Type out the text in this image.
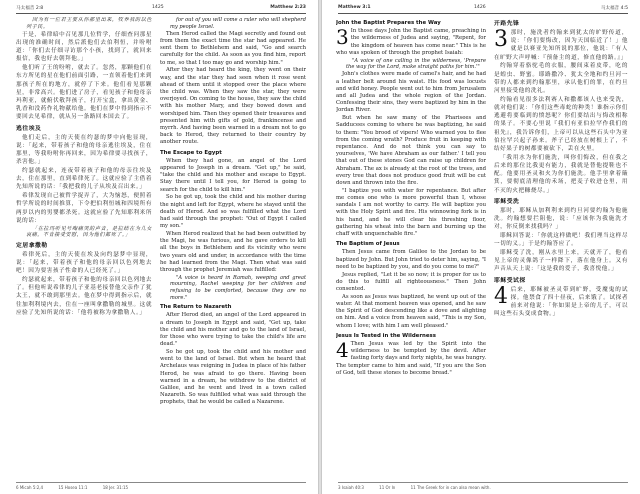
马太福音 2:8	1425	Matthew 2:23

因为有一位君王要从你那里出来，牧养我的以色列子民。

于是，希律暗中召见那几位哲学，仔细查问那星出现的准确时间，然后派他们去伯利恒，并吩咐道：「你们去仔细寻访那个小孩，找到了，就回来报信，我也好去朝拜他。」

他们听了王的吩咐，就去了。忽然，那颗他们在东方所见的星在他们前面引路，一直领着他们来到那孩子所在的地方，就停了下来。他们看见那颗星，非常高兴。他们进了房子，看见孩子和他母亲玛利亚，就俯伏敬拜孩子，打开宝盒，拿出黄金、乳香和没药作礼物献给他。他们在梦中得到指示不要回去见希律，就从另一条路回本国去了。

逃往埃及

他们走后，主的天使在约瑟的梦中向他显现，说：「起来，带着孩子和他的母亲逃往埃及，住在那里，等我吩咐你再回来，因为希律要寻找孩子，杀害他。」

约瑟就起来，连夜带着孩子和他的母亲往埃及去，住在那里，直到希律死了。这就应验了主借着先知所说的话：「我把我的儿子从埃及召出来。」

希律发现自己被哲学捉弄了，大为恼怒，便照着哲学所说的时间推算，下令把伯利恒城和四境所有两岁以内的男婴都杀死。这就应验了先知耶利米所说的话：

「在拉玛听见号啕痛哭的声音，是拉结在为儿女哀痛，不肯接受安慰，因为他们都死了。」

定居拿撒勒

希律死后，主的天使在埃及向约瑟梦中显现，说：「起来，带着孩子和他的母亲回以色列地去吧！因为要害孩子性命的人已经死了。」

约瑟就起来，带着孩子和他的母亲回以色列地去了。但他听说希律的儿子亚基老接替他父亲作了犹太王，就不敢到那里去。他在梦中得到指示后，就往加利利境内去，住在一座叫拿撒勒的城里。这就应验了先知所说的话：「他将被称为拿撒勒人。」

for out of you will come a ruler who will shepherd my people Israel.

Then Herod called the Magi secretly and found out from them the exact time the star had appeared. He sent them to Bethlehem and said, "Go and search carefully for the child. As soon as you find him, report to me, so that I too may go and worship him."

After they had heard the king, they went on their way, and the star they had seen when it rose went ahead of them until it stopped over the place where the child was. When they saw the star, they were overjoyed. On coming to the house, they saw the child with his mother Mary, and they bowed down and worshiped him. Then they opened their treasures and presented him with gifts of gold, frankincense and myrrh. And having been warned in a dream not to go back to Herod, they returned to their country by another route.

The Escape to Egypt

When they had gone, an angel of the Lord appeared to Joseph in a dream. "Get up," he said, "take the child and his mother and escape to Egypt. Stay there until I tell you, for Herod is going to search for the child to kill him."

So he got up, took the child and his mother during the night and left for Egypt, where he stayed until the death of Herod. And so was fulfilled what the Lord had said through the prophet: "Out of Egypt I called my son."

When Herod realized that he had been outwitted by the Magi, he was furious, and he gave orders to kill all the boys in Bethlehem and its vicinity who were two years old and under, in accordance with the time he had learned from the Magi. Then what was said through the prophet Jeremiah was fulfilled:

"A voice is heard in Ramah, weeping and great mourning, Rachel weeping for her children and refusing to be comforted, because they are no more."

The Return to Nazareth

After Herod died, an angel of the Lord appeared in a dream to Joseph in Egypt and said, "Get up, take the child and his mother and go to the land of Israel, for those who were trying to take the child's life are dead."

So he got up, took the child and his mother and went to the land of Israel. But when he heard that Archelaus was reigning in Judea in place of his father Herod, he was afraid to go there. Having been warned in a dream, he withdrew to the district of Galilee, and he went and lived in a town called Nazareth. So was fulfilled what was said through the prophets, that he would be called a Nazarene.

6 Micah 5:2,4	15 Hosea 11:1	18 Jer. 31:15
Matthew 3:1	1426	马太福音 4:5
John the Baptist Prepares the Way

3 In those days John the Baptist came, preaching in the wilderness of Judea and saying, "Repent, for the kingdom of heaven has come near." This is he who was spoken of through the prophet Isaiah:

"A voice of one calling in the wilderness, 'Prepare the way for the Lord, make straight paths for him.'"

John's clothes were made of camel's hair, and he had a leather belt around his waist. His food was locusts and wild honey. People went out to him from Jerusalem and all Judea and the whole region of the Jordan. Confessing their sins, they were baptized by him in the Jordan River.

But when he saw many of the Pharisees and Sadducees coming to where he was baptizing, he said to them: "You brood of vipers! Who warned you to flee from the coming wrath? Produce fruit in keeping with repentance. And do not think you can say to yourselves, 'We have Abraham as our father.' I tell you that out of these stones God can raise up children for Abraham. The ax is already at the root of the trees, and every tree that does not produce good fruit will be cut down and thrown into the fire.

"I baptize you with water for repentance. But after me comes one who is more powerful than I, whose sandals I am not worthy to carry. He will baptize you with the Holy Spirit and fire. His winnowing fork is in his hand, and he will clear his threshing floor, gathering his wheat into the barn and burning up the chaff with unquenchable fire."

The Baptism of Jesus

Then Jesus came from Galilee to the Jordan to be baptized by John. But John tried to deter him, saying, "I need to be baptized by you, and do you come to me?"

Jesus replied, "Let it be so now; it is proper for us to do this to fulfill all righteousness." Then John consented.

As soon as Jesus was baptized, he went up out of the water. At that moment heaven was opened, and he saw the Spirit of God descending like a dove and alighting on him. And a voice from heaven said, "This is my Son, whom I love; with him I am well pleased."

Jesus Is Tested in the Wilderness

4 Then Jesus was led by the Spirit into the wilderness to be tempted by the devil. After fasting forty days and forty nights, he was hungry. The tempter came to him and said, "If you are the Son of God, tell these stones to become bread."

开路先锋

3 那时，施洗者约翰来到犹太的旷野传道，说：「你们要悔改，因为天国临近了！」他就是以赛亚先知所说的那位，他说：「有人在旷野大声呼喊：『预备主的道，修直他的路。』」

约翰穿着骆驼毛的衣服，腰间束着皮带，吃的是蝗虫、野蜜。耶路撒冷、犹太全地和约旦河一带的人都来到约翰那里，承认他们的罪，在约旦河里接受他的洗礼。

约翰看见很多法利赛人和撒都该人也来受洗，就对他们说：「你们这些毒蛇的种类！谁指示你们逃避将要临到的愤怒呢？你们要结出与悔改相称的果子。不要心里说『我们有亚伯拉罕作我们的祖先』，我告诉你们，上帝可以从这些石头中为亚伯拉罕兴起子孙来。斧子已经放在树根上了，不结好果子的树都要被砍下，丢在火里。

「我用水为你们施洗，叫你们悔改，但在我之后来的那位比我更有能力，我就是替他提鞋也不配。他要用圣灵和火为你们施洗。他手里拿着簸箕，要彻底清理他的禾场，把麦子收进仓里，用不灭的火把糠烧尽。」

耶稣受洗

那时，耶稣从加利利来到约旦河要约翰为他施洗。约翰想要拦阻他，说：「应该你为我施洗才对，你反倒来找我吗？」

耶稣回答说：「你就这样做吧！我们理当这样尽一切的义。」于是约翰答应了。

耶稣受了洗，刚从水里上来，天就开了，他看见上帝的灵像鸽子一样降下，落在他身上。又有声音从天上说：「这是我的爱子，我喜悦他。」

耶稣受试探

4 后来，耶稣被圣灵带到旷野，受魔鬼的试探。他禁食了四十昼夜，后来饿了。试探者前来对他说：「你如果是上帝的儿子，可以叫这些石头变成食物。」

3 Isaiah 40:3	11 Or In	11 The Greek for in can also mean with.
